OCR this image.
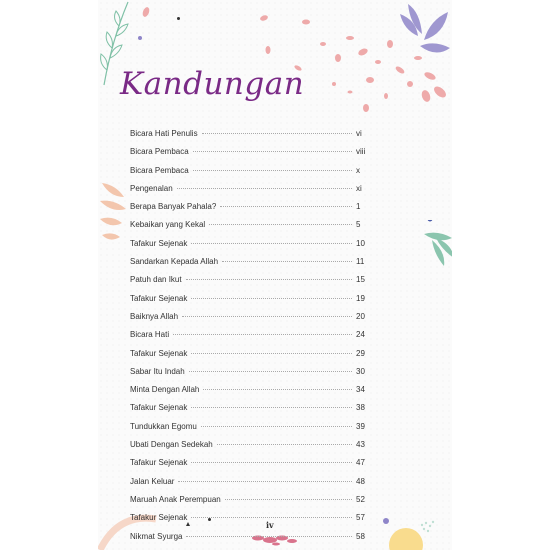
Kandungan
Bicara Hati Penulis	vi
Bicara Pembaca	viii
Bicara Pembaca	x
Pengenalan	xi
Berapa Banyak Pahala?	1
Kebaikan yang Kekal	5
Tafakur Sejenak	10
Sandarkan Kepada Allah	11
Patuh dan Ikut	15
Tafakur Sejenak	19
Baiknya Allah	20
Bicara Hati	24
Tafakur Sejenak	29
Sabar Itu Indah	30
Minta Dengan Allah	34
Tafakur Sejenak	38
Tundukkan Egomu	39
Ubati Dengan Sedekah	43
Tafakur Sejenak	47
Jalan Keluar	48
Maruah Anak Perempuan	52
Tafakur Sejenak	57
Nikmat Syurga	58
iv
